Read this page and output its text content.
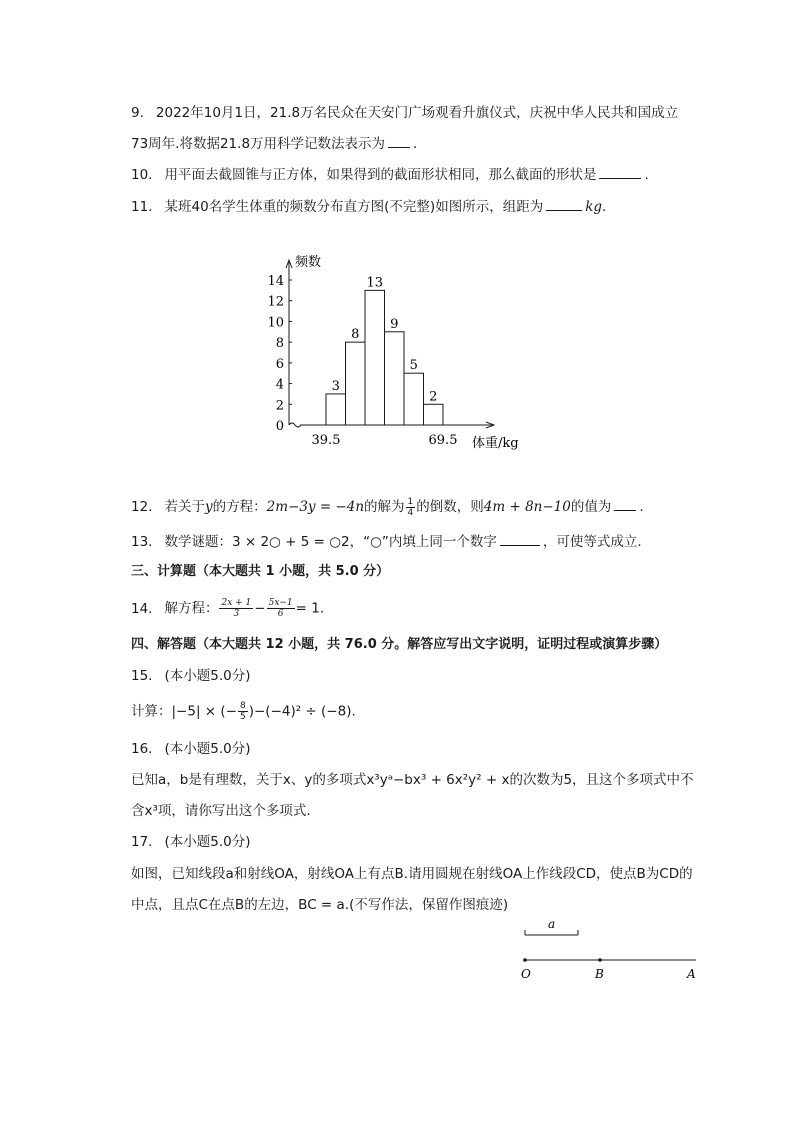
9. 2022年10月1日，21.8万名民众在天安门广场观看升旗仪式，庆祝中华人民共和国成立
73周年.将数据21.8万用科学记数法表示为 .
10. 用平面去截圆锥与正方体，如果得到的截面形状相同，那么截面的形状是	.
11. 某班40名学生体重的频数分布直方图(不完整)如图所示，组距为	kg.
频数
0
2
4
6
8
10
12
14
3
8
13
9
5
2
39.5	69.5 体重/kg
12. 若关于y的方程：2m−3y = −4n的解为 $\frac{1}{4}$ 的倒数，则4m + 8n−10的值为 .
13. 数学谜题：3 × 2○ + 5 = ○2，“○”内填上同一个数字	，可使等式成立.
三、计算题（本大题共 1 小题，共 5.0 分）
14. 解方程： $\frac{2x + 1}{3} - \frac{5x-1}{6} = 1$.
四、解答题（本大题共 12 小题，共 76.0 分。解答应写出文字说明，证明过程或演算步骤）
15. (本小题5.0分)
计算：|−5| × (− $\frac{8}{5} )-(-4)^2 \div (-8)$.
16. (本小题5.0分)
已知a，b是有理数，关于x、y的多项式x³yᵃ−bx³ + 6x²y² + x的次数为5，且这个多项式中不
含x³项，请你写出这个多项式.
17. (本小题5.0分)
如图，已知线段a和射线OA，射线OA上有点B.请用圆规在射线OA上作线段CD，使点B为CD的
中点，且点C在点B的左边，BC = a.(不写作法，保留作图痕迹)
a
O	B	A
